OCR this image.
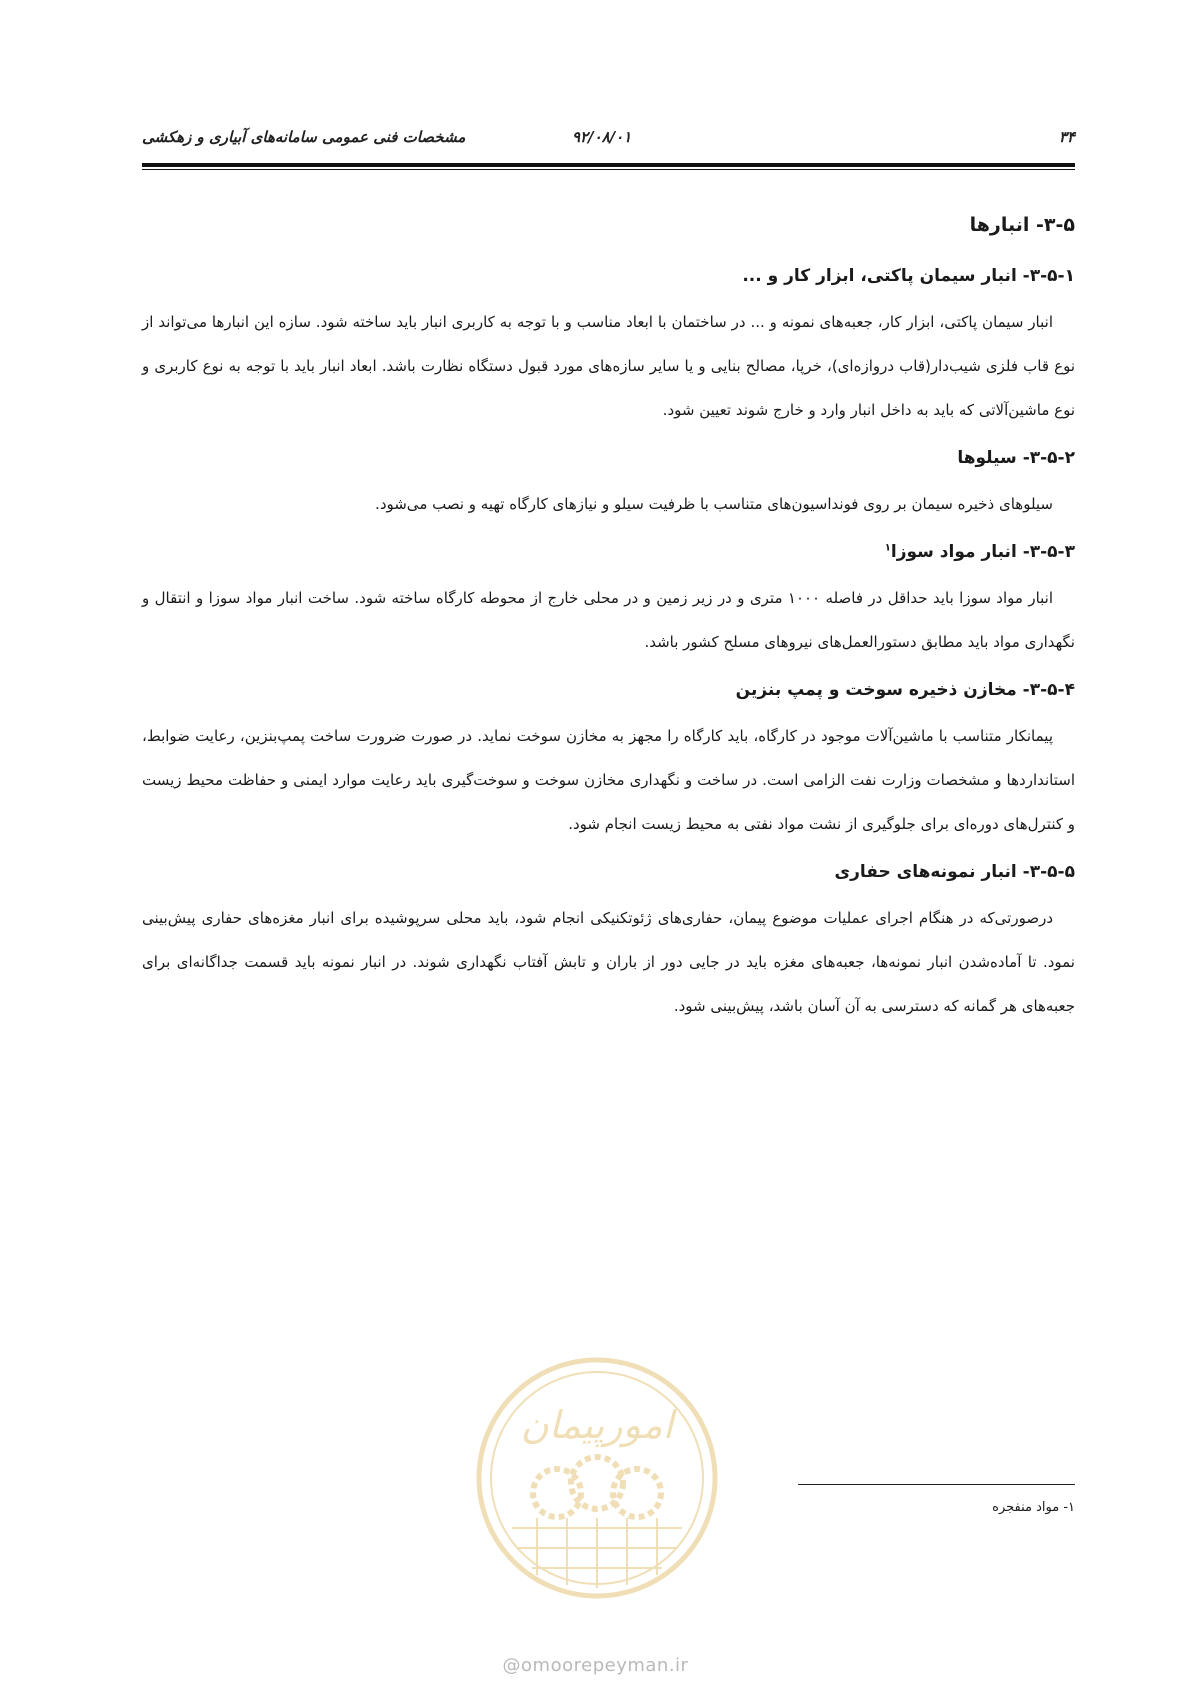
۳۴
۹۲/۰۸/۰۱
مشخصات فنی عمومی سامانه‌های آبیاری و زهکشی
۳-۵- انبارها
۳-۵-۱- انبار سیمان پاکتی، ابزار کار و ...

انبار سیمان پاکتی، ابزار کار، جعبه‌های نمونه و ... در ساختمان با ابعاد مناسب و با توجه به کاربری انبار باید ساخته شود. سازه این انبارها می‌تواند از نوع قاب فلزی شیب‌دار(قاب دروازه‌ای)، خرپا، مصالح بنایی و یا سایر سازه‌های مورد قبول دستگاه نظارت باشد. ابعاد انبار باید با توجه به نوع کاربری و نوع ماشین‌آلاتی که باید به داخل انبار وارد و خارج شوند تعیین شود.

۳-۵-۲- سیلوها

سیلوهای ذخیره سیمان بر روی فونداسیون‌های متناسب با ظرفیت سیلو و نیازهای کارگاه تهیه و نصب می‌شود.

۳-۵-۳- انبار مواد سوزا$^۱$

انبار مواد سوزا باید حداقل در فاصله ۱۰۰۰ متری و در زیر زمین و در محلی خارج از محوطه کارگاه ساخته شود. ساخت انبار مواد سوزا و انتقال و نگهداری مواد باید مطابق دستورالعمل‌های نیروهای مسلح کشور باشد.

۳-۵-۴- مخازن ذخیره سوخت و پمپ بنزین

پیمانکار متناسب با ماشین‌آلات موجود در کارگاه، باید کارگاه را مجهز به مخازن سوخت نماید. در صورت ضرورت ساخت پمپ‌بنزین، رعایت ضوابط، استانداردها و مشخصات وزارت نفت الزامی است. در ساخت و نگهداری مخازن سوخت و سوخت‌گیری باید رعایت موارد ایمنی و حفاظت محیط زیست و کنترل‌های دوره‌ای برای جلوگیری از نشت مواد نفتی به محیط زیست انجام شود.

۳-۵-۵- انبار نمونه‌های حفاری

درصورتی‌که در هنگام اجرای عملیات موضوع پیمان، حفاری‌های ژئوتکنیکی انجام شود، باید محلی سرپوشیده برای انبار مغزه‌های حفاری پیش‌بینی نمود. تا آماده‌شدن انبار نمونه‌ها، جعبه‌های مغزه باید در جایی دور از باران و تابش آفتاب نگهداری شوند. در انبار نمونه باید قسمت جداگانه‌ای برای جعبه‌های هر گمانه که دسترسی به آن آسان باشد، پیش‌بینی شود.

امورپیمان
@omoorepeyman.ir
۱- مواد منفجره
